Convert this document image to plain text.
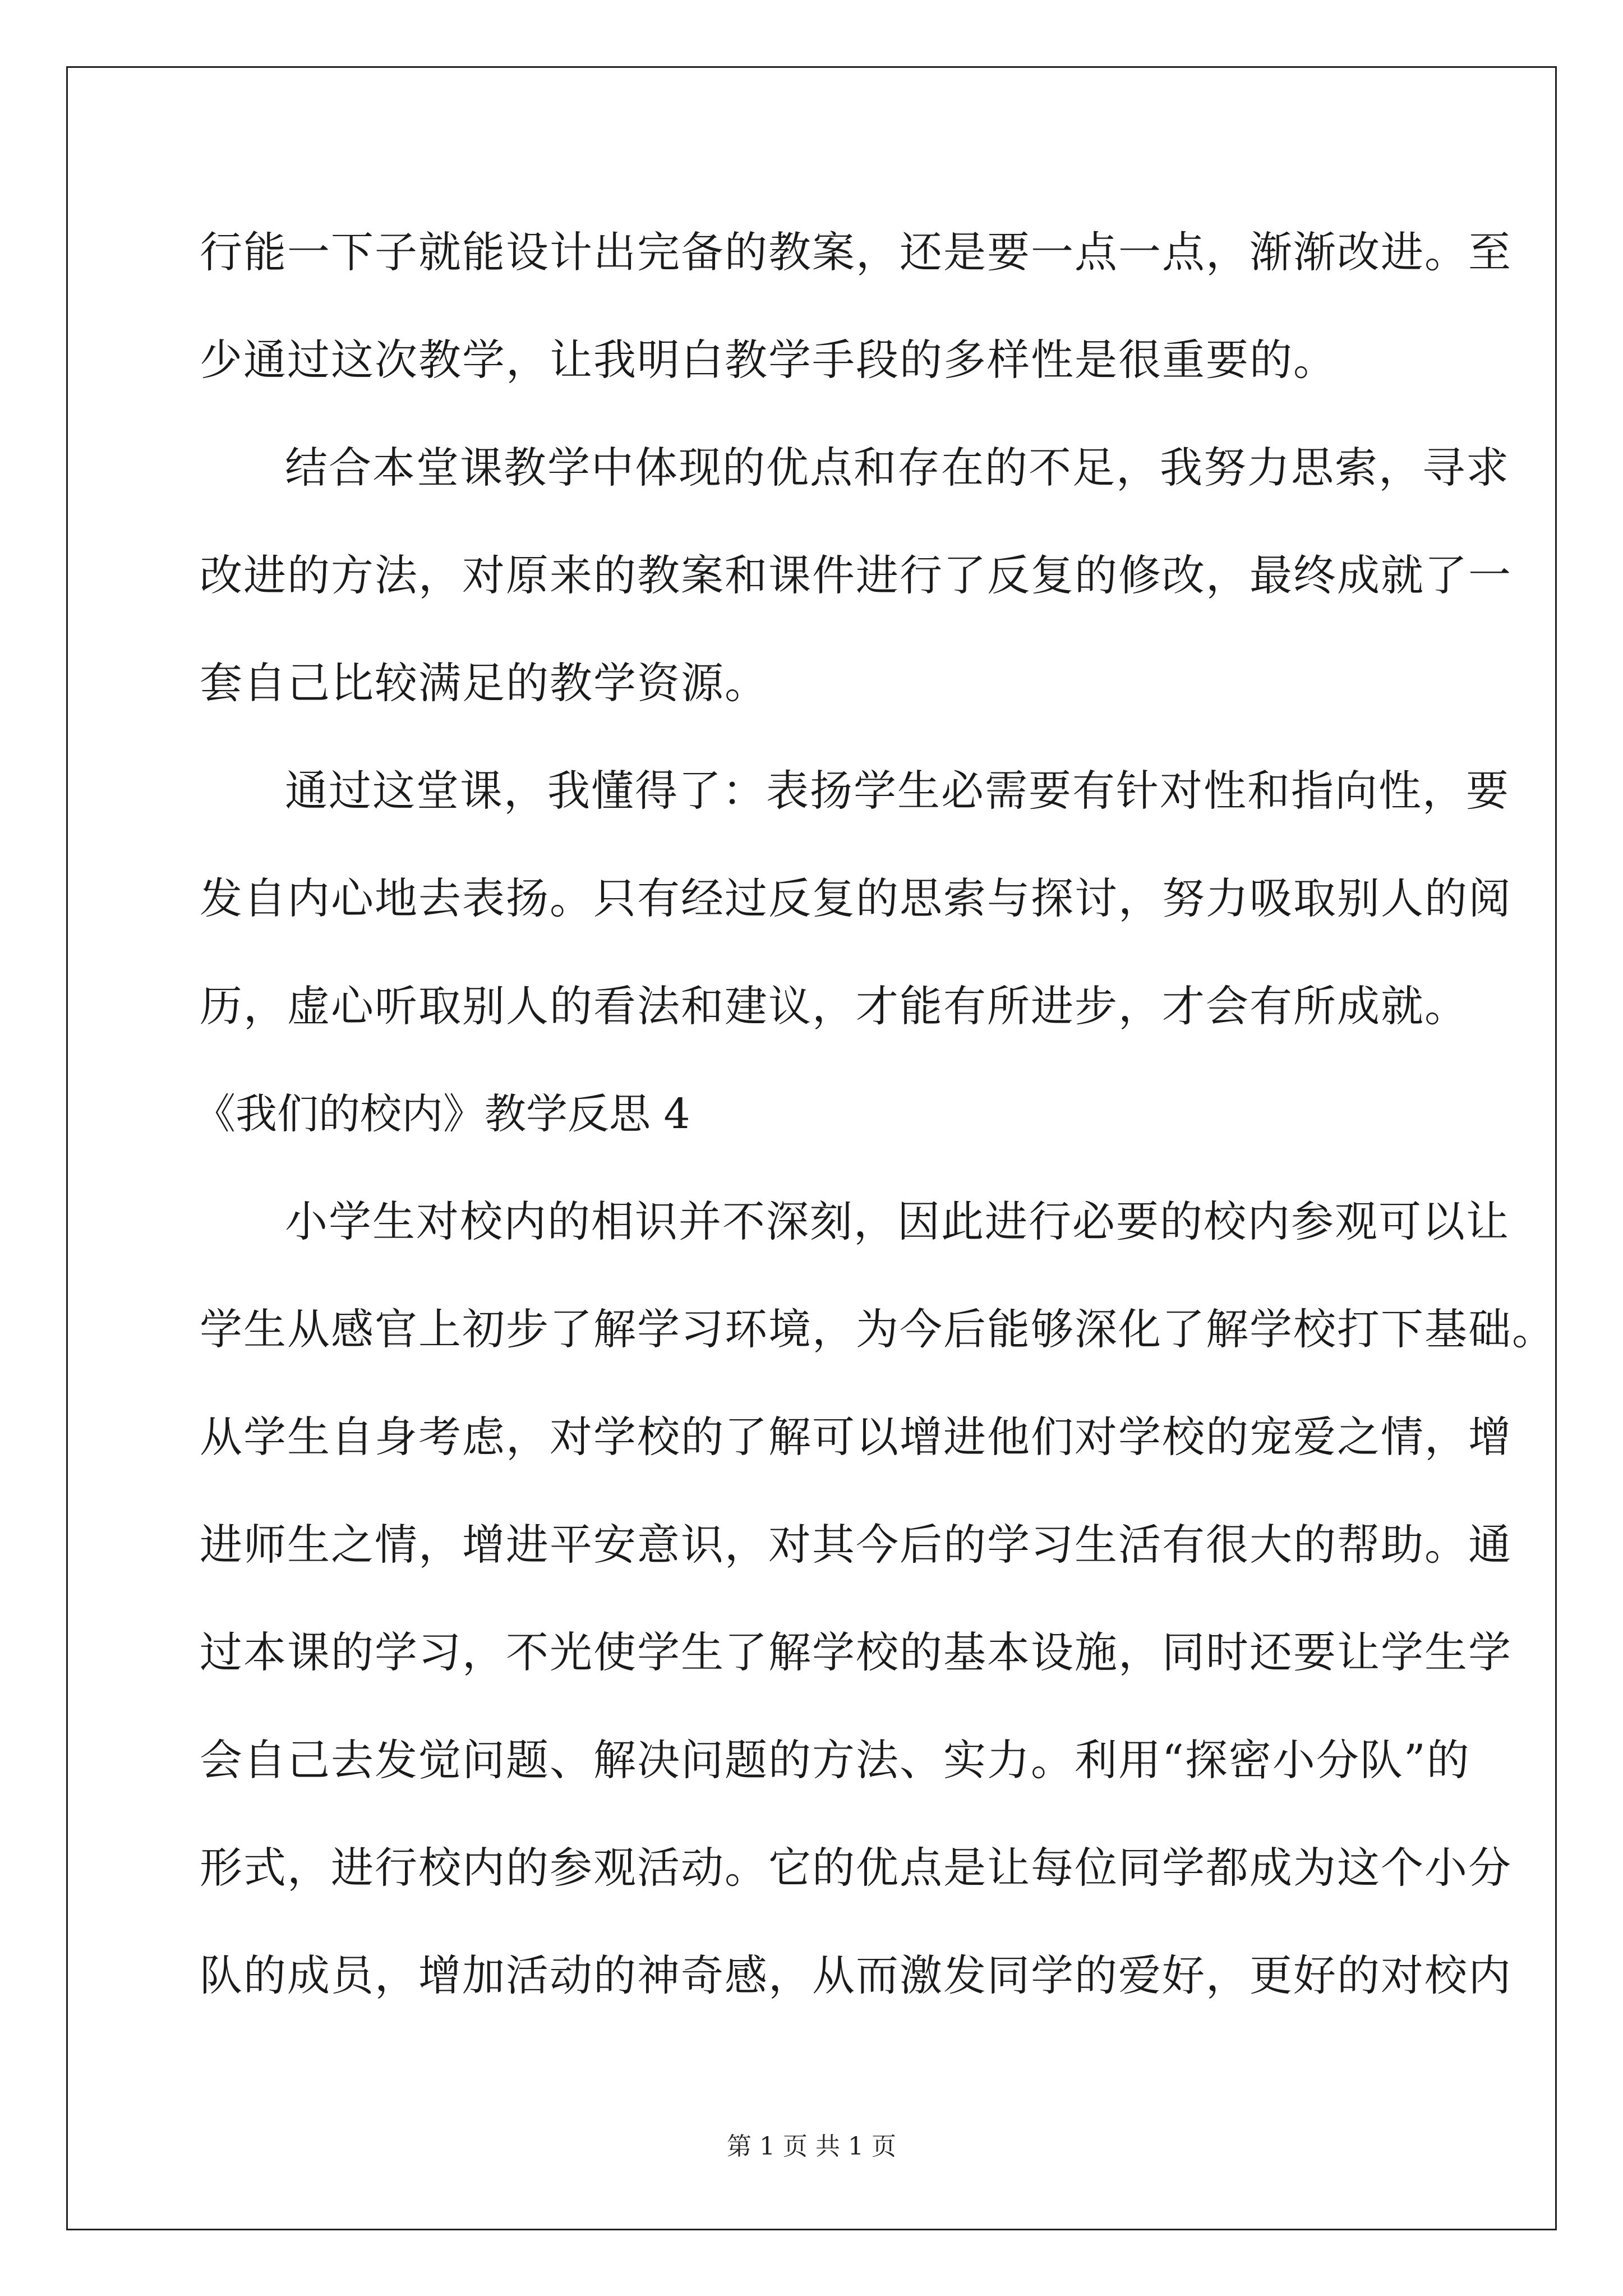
行能一下子就能设计出完备的教案，还是要一点一点，渐渐改进。至
少通过这次教学，让我明白教学手段的多样性是很重要的。
结合本堂课教学中体现的优点和存在的不足，我努力思索，寻求
改进的方法，对原来的教案和课件进行了反复的修改，最终成就了一
套自己比较满足的教学资源。
通过这堂课，我懂得了：表扬学生必需要有针对性和指向性，要
发自内心地去表扬。只有经过反复的思索与探讨，努力吸取别人的阅
历，虚心听取别人的看法和建议，才能有所进步，才会有所成就。
《我们的校内》教学反思 4
小学生对校内的相识并不深刻，因此进行必要的校内参观可以让
学生从感官上初步了解学习环境，为今后能够深化了解学校打下基础。
从学生自身考虑，对学校的了解可以增进他们对学校的宠爱之情，增
进师生之情，增进平安意识，对其今后的学习生活有很大的帮助。通
过本课的学习，不光使学生了解学校的基本设施，同时还要让学生学
会自己去发觉问题、解决问题的方法、实力。利用“探密小分队”的
形式，进行校内的参观活动。它的优点是让每位同学都成为这个小分
队的成员，增加活动的神奇感，从而激发同学的爱好，更好的对校内
第 1 页 共 1 页
